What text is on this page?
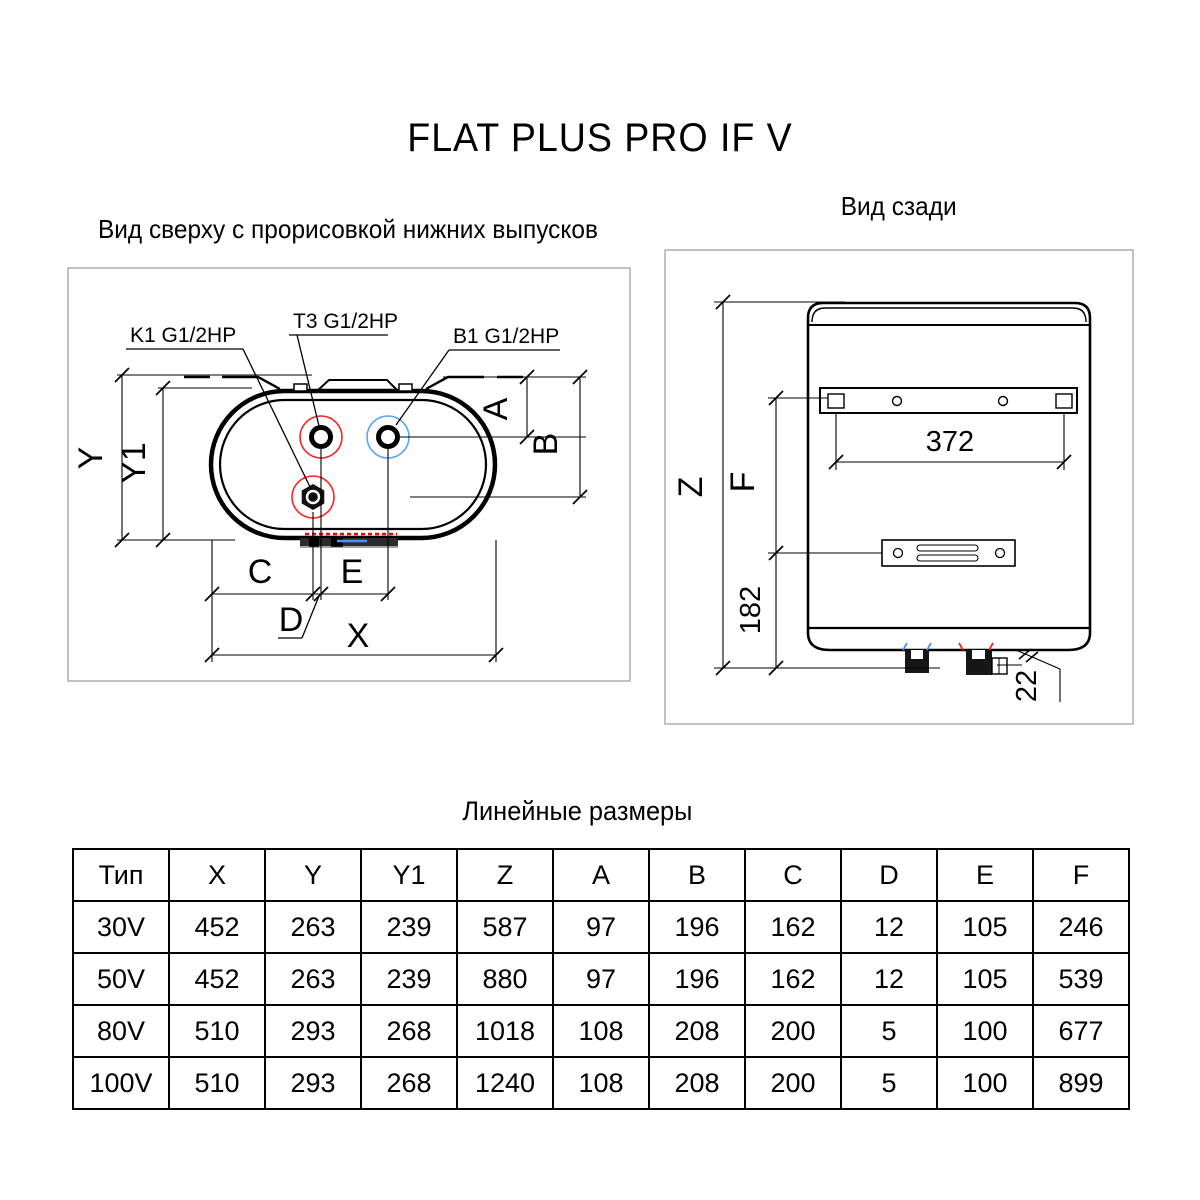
FLAT PLUS PRO IF V
Вид сверху с прорисовкой нижних выпусков
Вид сзади
Линейные размеры
K1 G1/2HP
T3 G1/2HP
B1 G1/2HP
Y Y1
A
B
C E
D X
Z F
182
372
22
Тип	X	Y	Y1	Z	A	B	C	D	E	F
30V	452	263	239	587	97	196	162	12	105	246
50V	452	263	239	880	97	196	162	12	105	539
80V	510	293	268	1018	108	208	200	5	100	677
100V	510	293	268	1240	108	208	200	5	100	899
